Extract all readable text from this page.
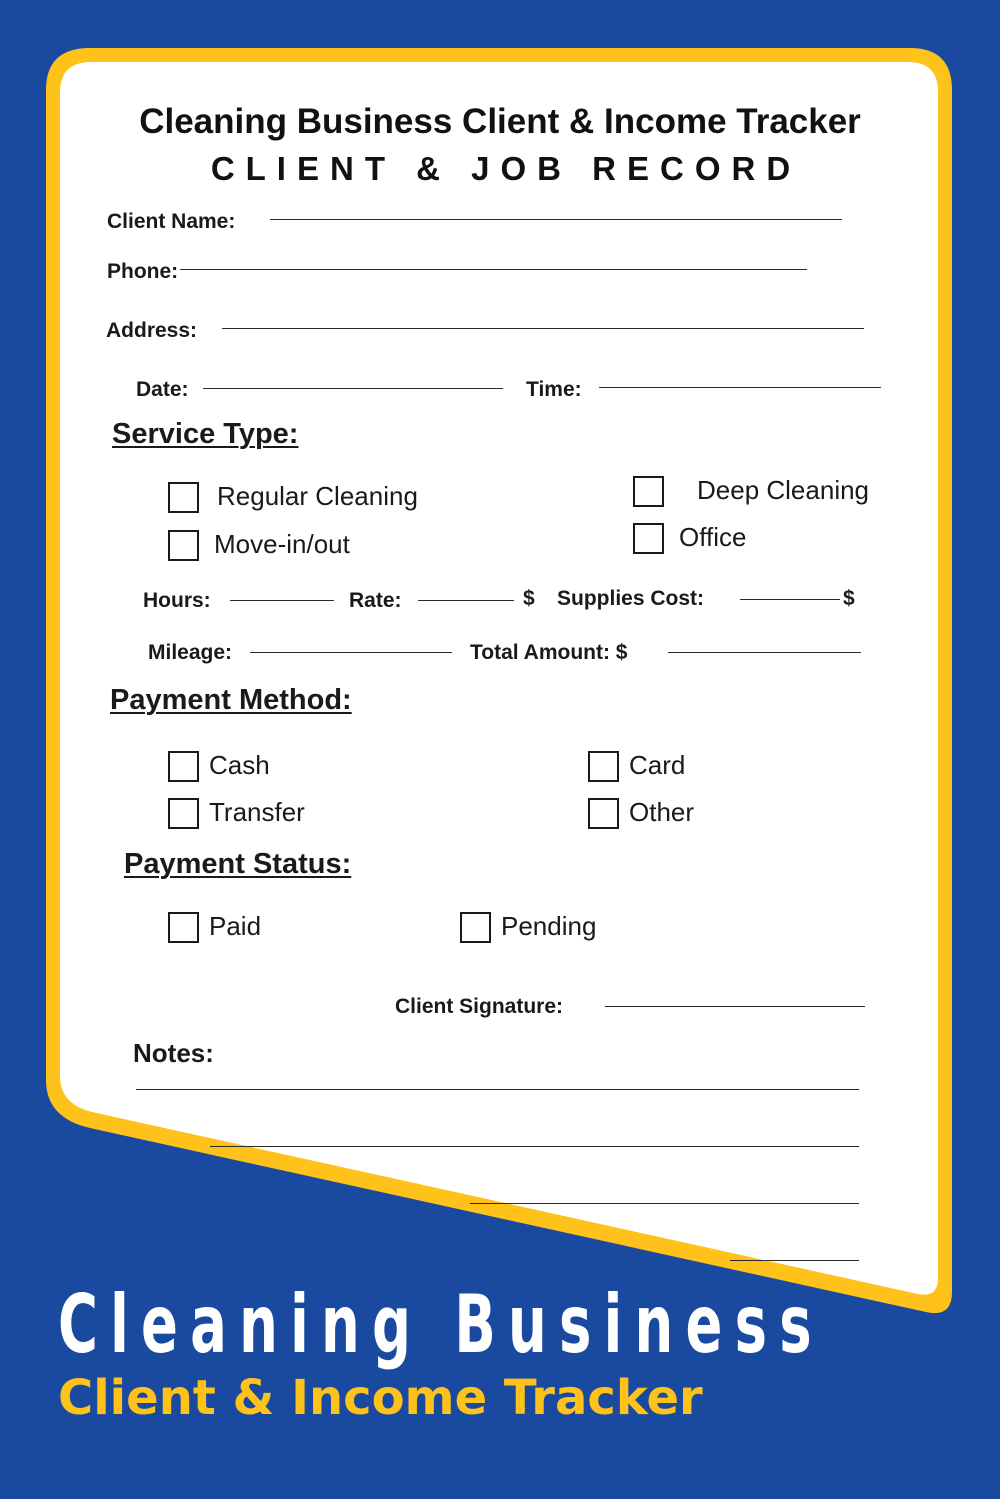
Cleaning Business Client & Income Tracker
CLIENT & JOB RECORD
Client Name:
Phone:
Address:
Date:	Time:
Service Type:
Regular Cleaning	Deep Cleaning
Move-in/out	Office
Hours:	Rate:	$ Supplies Cost:	$
Mileage:	Total Amount: $
Payment Method:
Cash	Card
Transfer	Other
Payment Status:
Paid	Pending
Client Signature:
Notes:
Cleaning Business
Client & Income Tracker
